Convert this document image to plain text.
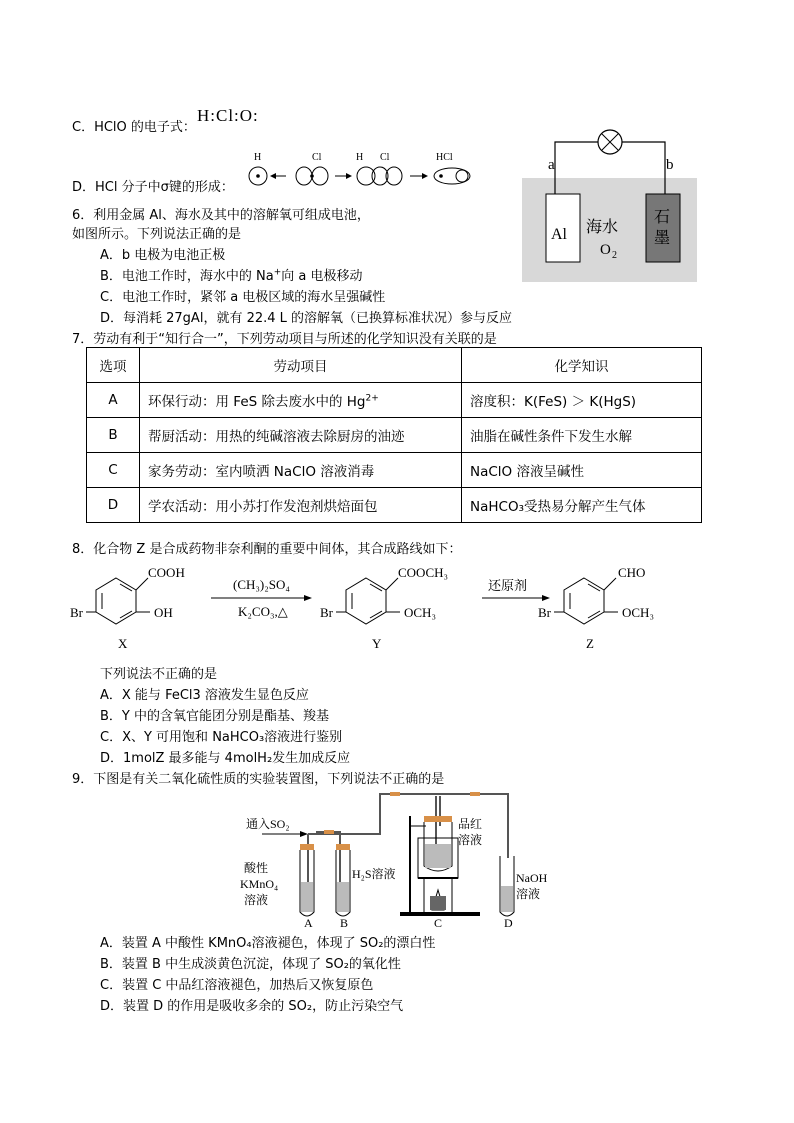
C．HClO 的电子式：
H:Cl:O:
D．HCl 分子中σ键的形成：
H	Cl	H Cl	HCl	a	b
Al
石
墨
海水
O 2
6．利用金属 Al、海水及其中的溶解氧可组成电池，
如图所示。下列说法正确的是
A．b 电极为电池正极
B．电池工作时，海水中的 Na+向 a 电极移动
C．电池工作时，紧邻 a 电极区域的海水呈强碱性
D．每消耗 27gAl，就有 22.4 L 的溶解氧（已换算标准状况）参与反应
7．劳动有利于“知行合一”，下列劳动项目与所述的化学知识没有关联的是
选项	劳动项目	化学知识
A	环保行动：用 FeS 除去废水中的 $Hg^{2+}$	溶度积：K(FeS) ＞ K(HgS)
B	帮厨活动：用热的纯碱溶液去除厨房的油迹	油脂在碱性条件下发生水解
C	家务劳动：室内喷洒 NaClO 溶液消毒	NaClO 溶液呈碱性
D	学农活动：用小苏打作发泡剂烘焙面包	NaHCO₃受热易分解产生气体
8．化合物 Z 是合成药物非奈利酮的重要中间体，其合成路线如下：
COOH
OH
Br
X
(CH₃)₂SO₄
K₂CO₃,△
COOCH₃
OCH₃
Br
Y
还原剂
CHO
OCH₃
Br
Z
下列说法不正确的是
A．X 能与 FeCl3 溶液发生显色反应
B．Y 中的含氧官能团分别是酯基、羧基
C．X、Y 可用饱和 NaHCO₃溶液进行鉴别
D．1molZ 最多能与 4molH₂发生加成反应
9．下图是有关二氧化硫性质的实验装置图，下列说法不正确的是
通入SO₂
A
酸性
KMnO₄
溶液
B
H₂S溶液
C
品红
溶液
D
NaOH
溶液
A．装置 A 中酸性 KMnO₄溶液褪色，体现了 SO₂的漂白性
B．装置 B 中生成淡黄色沉淀，体现了 SO₂的氧化性
C．装置 C 中品红溶液褪色，加热后又恢复原色
D．装置 D 的作用是吸收多余的 SO₂，防止污染空气
